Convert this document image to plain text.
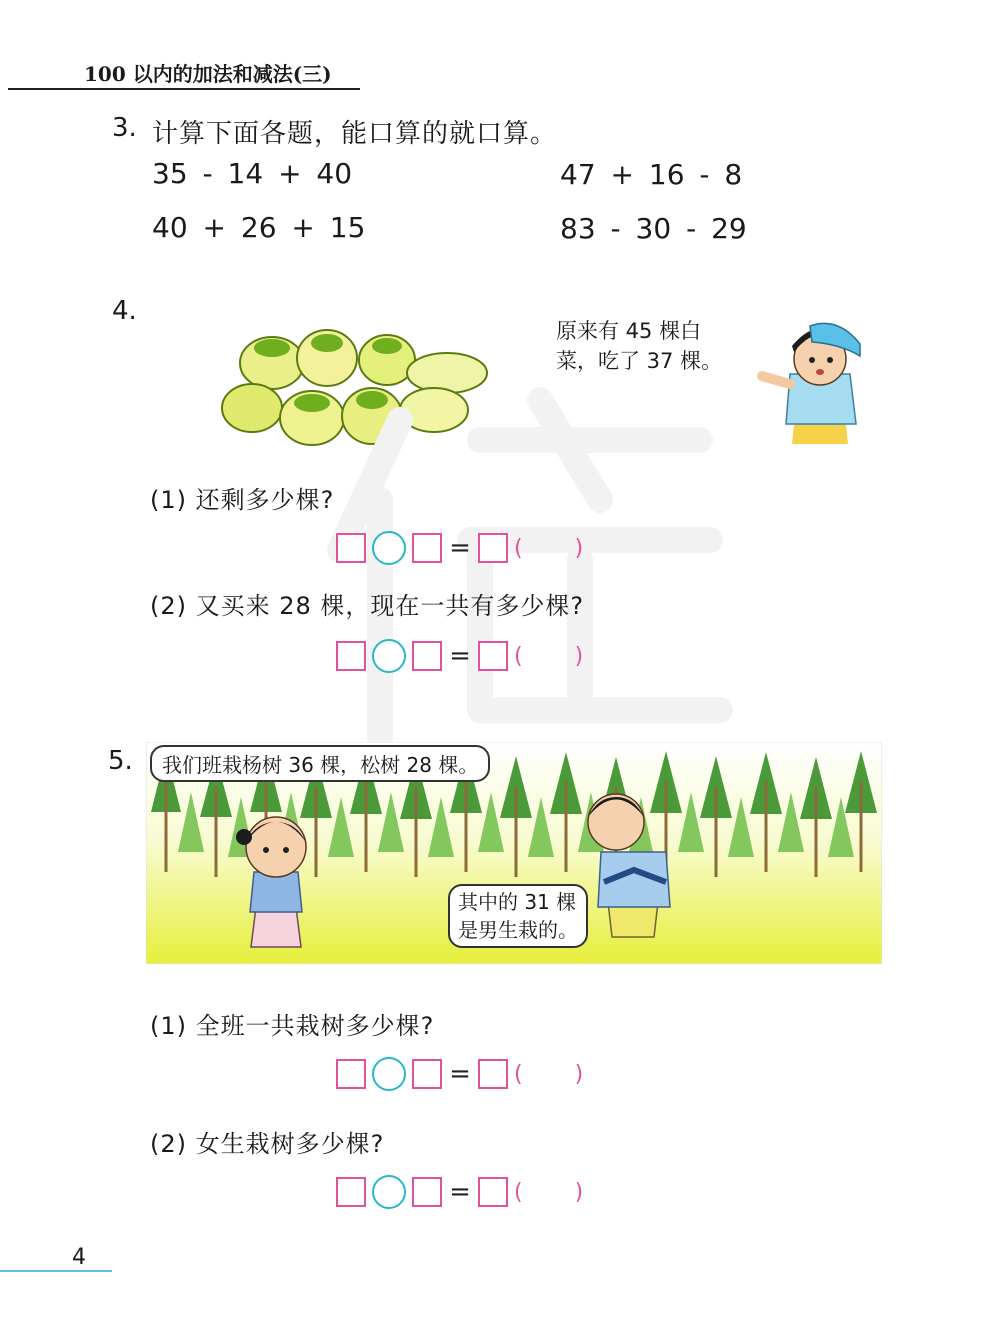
100 以内的加法和减法(三)
3. 计算下面各题，能口算的就口算。
35 - 14 + 40	47 + 16 - 8
40 + 26 + 15	83 - 30 - 29
4.
原来有 45 棵白
菜，吃了 37 棵。
(1) 还剩多少棵?
= ( )
(2) 又买来 28 棵，现在一共有多少棵?
= ( )
5.	我们班栽杨树 36 棵，松树 28 棵。
其中的 31 棵
是男生栽的。
(1) 全班一共栽树多少棵?
= ( )
(2) 女生栽树多少棵?
= ( )
4
